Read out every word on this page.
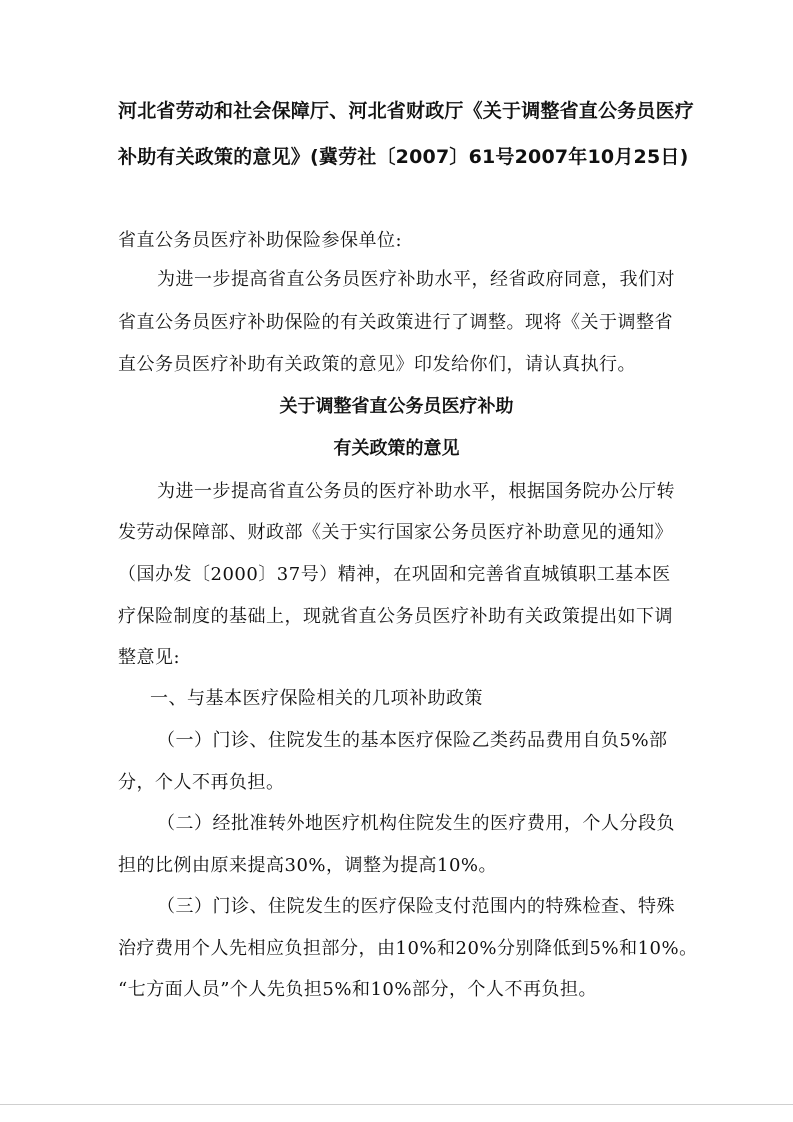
河北省劳动和社会保障厅、河北省财政厅《关于调整省直公务员医疗
补助有关政策的意见》(冀劳社〔2007〕61号2007年10月25日)
省直公务员医疗补助保险参保单位:
为进一步提高省直公务员医疗补助水平，经省政府同意，我们对
省直公务员医疗补助保险的有关政策进行了调整。现将《关于调整省
直公务员医疗补助有关政策的意见》印发给你们，请认真执行。
关于调整省直公务员医疗补助
有关政策的意见
为进一步提高省直公务员的医疗补助水平，根据国务院办公厅转
发劳动保障部、财政部《关于实行国家公务员医疗补助意见的通知》
（国办发〔2000〕37号）精神，在巩固和完善省直城镇职工基本医
疗保险制度的基础上，现就省直公务员医疗补助有关政策提出如下调
整意见:
一、与基本医疗保险相关的几项补助政策
（一）门诊、住院发生的基本医疗保险乙类药品费用自负5%部
分，个人不再负担。
（二）经批准转外地医疗机构住院发生的医疗费用，个人分段负
担的比例由原来提高30%，调整为提高10%。
（三）门诊、住院发生的医疗保险支付范围内的特殊检查、特殊
治疗费用个人先相应负担部分，由10%和20%分别降低到5%和10%。
“七方面人员”个人先负担5%和10%部分，个人不再负担。
